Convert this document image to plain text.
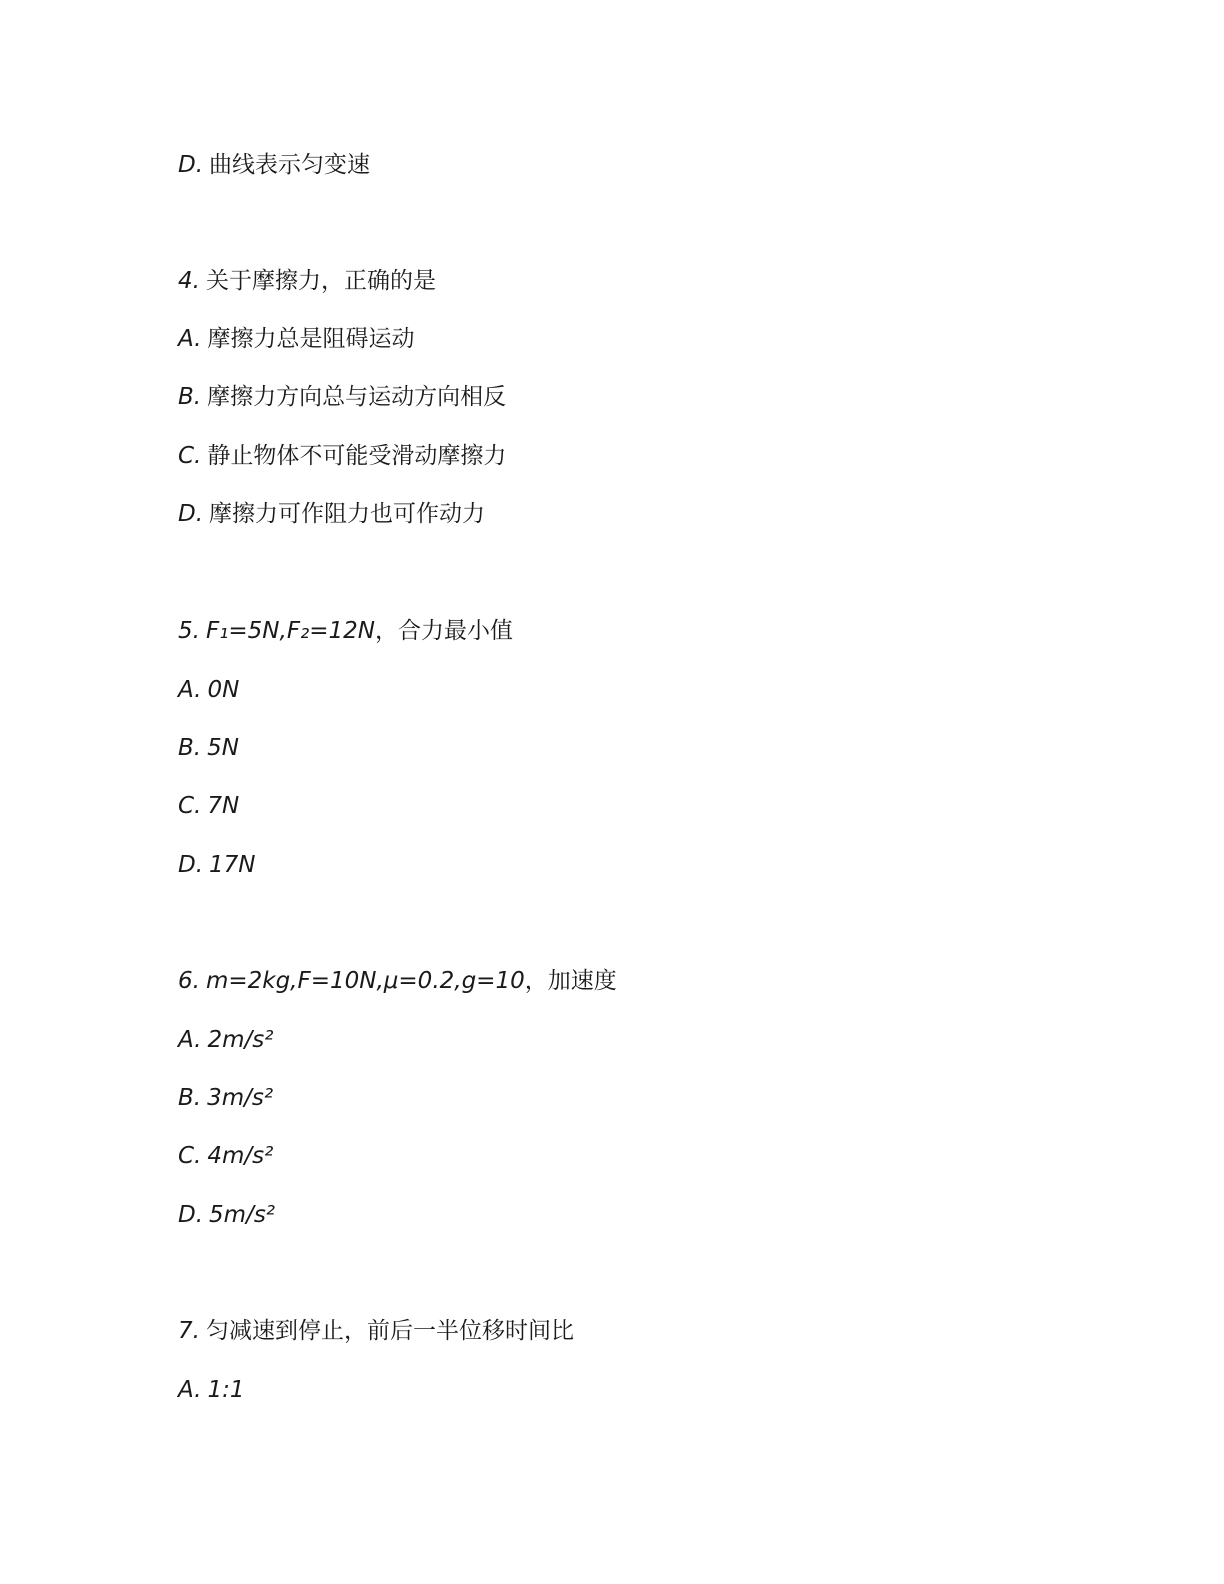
D. 曲线表示匀变速
4. 关于摩擦力，正确的是
A. 摩擦力总是阻碍运动
B. 摩擦力方向总与运动方向相反
C. 静止物体不可能受滑动摩擦力
D. 摩擦力可作阻力也可作动力
5. F₁=5N,F₂=12N，合力最小值
A. 0N
B. 5N
C. 7N
D. 17N
6. m=2kg,F=10N,μ=0.2,g=10，加速度
A. 2m/s²
B. 3m/s²
C. 4m/s²
D. 5m/s²
7. 匀减速到停止，前后一半位移时间比
A. 1:1
